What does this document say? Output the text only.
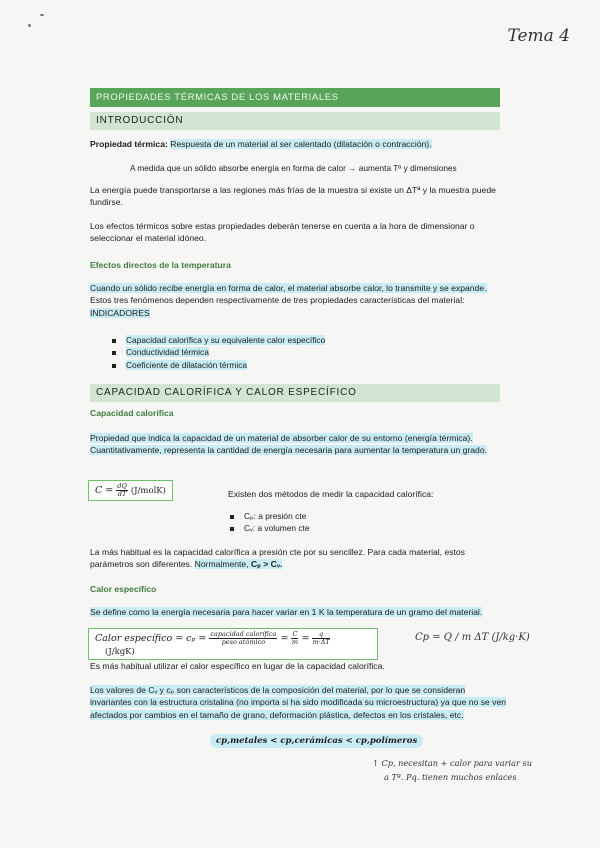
Tema 4
PROPIEDADES TÉRMICAS DE LOS MATERIALES
INTRODUCCIÓN
Propiedad térmica: Respuesta de un material al ser calentado (dilatación o contracción).
A medida que un sólido absorbe energía en forma de calor → aumenta Tª y dimensiones
La energía puede transportarse a las regiones más frías de la muestra si existe un ΔTª y la muestra puede fundirse.
Los efectos térmicos sobre estas propiedades deberán tenerse en cuenta a la hora de dimensionar o seleccionar el material idóneo.
Efectos directos de la temperatura
Cuando un sólido recibe energía en forma de calor, el material absorbe calor, lo transmite y se expande. Estos tres fenómenos dependen respectivamente de tres propiedades características del material:
INDICADORES
Capacidad calorífica y su equivalente calor específico
Conductividad térmica
Coeficiente de dilatación térmica
CAPACIDAD CALORÍFICA Y CALOR ESPECÍFICO
Capacidad calorífica
Propiedad que indica la capacidad de un material de absorber calor de su entorno (energía térmica). Cuantitativamente, representa la cantidad de energía necesaria para aumentar la temperatura un grado.
$C = \frac{dQ}{dT}$ (J/molK)	Existen dos métodos de medir la capacidad calorífica:
Cₚ: a presión cte
Cᵥ: a volumen cte
La más habitual es la capacidad calorífica a presión cte por su sencillez. Para cada material, estos parámetros son diferentes. Normalmente, Cₚ > Cᵥ.
Calor específico
Se define como la energía necesaria para hacer variar en 1 K la temperatura de un gramo del material.
Calor específico = $c_p = \frac{\text{capacidad calorífica}}{\text{peso atómico}} = \frac{C}{m} = \frac{q}{m\cdot\Delta T}$
(J/kgK)
Cp = Q / m ΔT (J/kg·K)
Es más habitual utilizar el calor específico en lugar de la capacidad calorífica.
Los valores de Cᵥ y cₚ son característicos de la composición del material, por lo que se consideran invariantes con la estructura cristalina (no importa si ha sido modificada su microestructura) ya que no se ven afectados por cambios en el tamaño de grano, deformación plástica, defectos en los cristales, etc.
cp,metales < cp,cerámicas < cp,polímeros
↑ Cp, necesitan + calor para variar su
a Tª. Pq. tienen muchos enlaces
